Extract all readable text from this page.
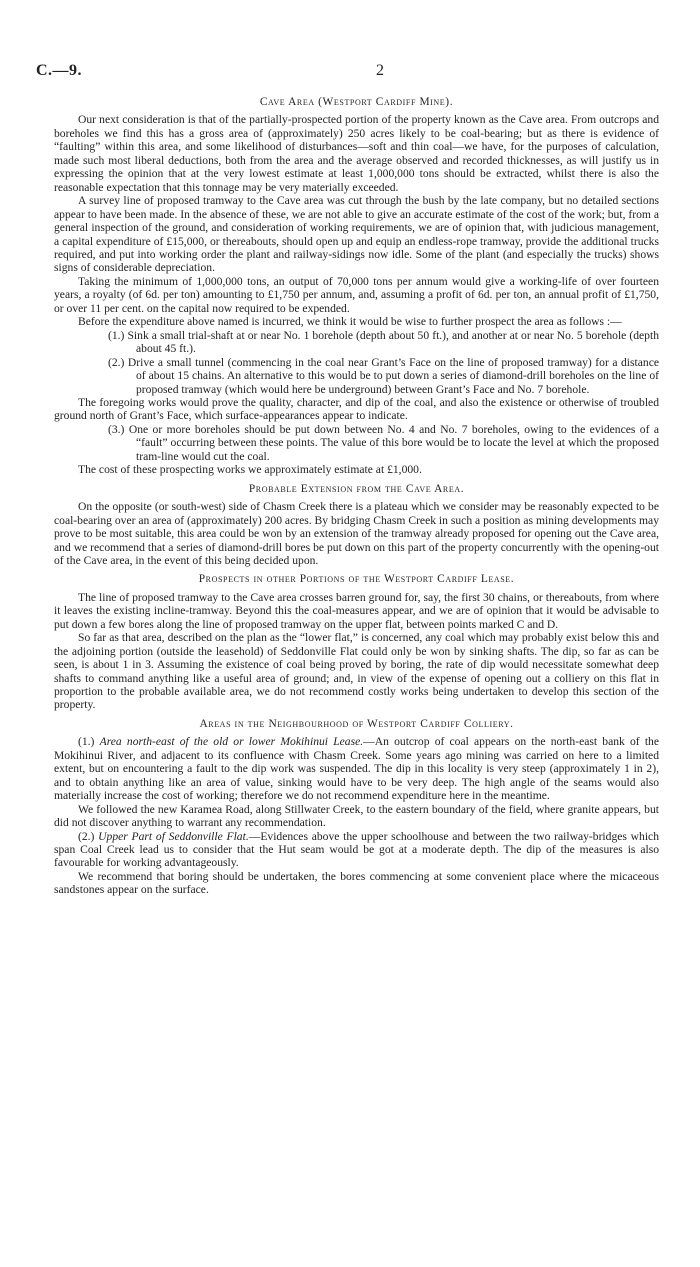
C.—9.	2
Cave Area (Westport Cardiff Mine).

Our next consideration is that of the partially-prospected portion of the property known as the Cave area. From outcrops and boreholes we find this has a gross area of (approximately) 250 acres likely to be coal-bearing; but as there is evidence of “faulting” within this area, and some likelihood of disturbances—soft and thin coal—we have, for the purposes of calculation, made such most liberal deductions, both from the area and the average observed and recorded thicknesses, as will justify us in expressing the opinion that at the very lowest estimate at least 1,000,000 tons should be extracted, whilst there is also the reasonable expectation that this tonnage may be very materially exceeded.

A survey line of proposed tramway to the Cave area was cut through the bush by the late company, but no detailed sections appear to have been made. In the absence of these, we are not able to give an accurate estimate of the cost of the work; but, from a general inspection of the ground, and consideration of working requirements, we are of opinion that, with judicious management, a capital expenditure of £15,000, or thereabouts, should open up and equip an endless-rope tramway, provide the additional trucks required, and put into working order the plant and railway-sidings now idle. Some of the plant (and especially the trucks) shows signs of considerable depreciation.

Taking the minimum of 1,000,000 tons, an output of 70,000 tons per annum would give a working-life of over fourteen years, a royalty (of 6d. per ton) amounting to £1,750 per annum, and, assuming a profit of 6d. per ton, an annual profit of £1,750, or over 11 per cent. on the capital now required to be expended.

Before the expenditure above named is incurred, we think it would be wise to further prospect the area as follows :—

(1.) Sink a small trial-shaft at or near No. 1 borehole (depth about 50 ft.), and another at or near No. 5 borehole (depth about 45 ft.).

(2.) Drive a small tunnel (commencing in the coal near Grant’s Face on the line of proposed tramway) for a distance of about 15 chains. An alternative to this would be to put down a series of diamond-drill boreholes on the line of proposed tramway (which would here be underground) between Grant’s Face and No. 7 borehole.

The foregoing works would prove the quality, character, and dip of the coal, and also the existence or otherwise of troubled ground north of Grant’s Face, which surface-appearances appear to indicate.

(3.) One or more boreholes should be put down between No. 4 and No. 7 boreholes, owing to the evidences of a “fault” occurring between these points. The value of this bore would be to locate the level at which the proposed tram-line would cut the coal.

The cost of these prospecting works we approximately estimate at £1,000.

Probable Extension from the Cave Area.

On the opposite (or south-west) side of Chasm Creek there is a plateau which we consider may be reasonably expected to be coal-bearing over an area of (approximately) 200 acres. By bridging Chasm Creek in such a position as mining developments may prove to be most suitable, this area could be won by an extension of the tramway already proposed for opening out the Cave area, and we recommend that a series of diamond-drill bores be put down on this part of the property concurrently with the opening-out of the Cave area, in the event of this being decided upon.

Prospects in other Portions of the Westport Cardiff Lease.

The line of proposed tramway to the Cave area crosses barren ground for, say, the first 30 chains, or thereabouts, from where it leaves the existing incline-tramway. Beyond this the coal-measures appear, and we are of opinion that it would be advisable to put down a few bores along the line of proposed tramway on the upper flat, between points marked C and D.

So far as that area, described on the plan as the “lower flat,” is concerned, any coal which may probably exist below this and the adjoining portion (outside the leasehold) of Seddonville Flat could only be won by sinking shafts. The dip, so far as can be seen, is about 1 in 3. Assuming the existence of coal being proved by boring, the rate of dip would necessitate somewhat deep shafts to command anything like a useful area of ground; and, in view of the expense of opening out a colliery on this flat in proportion to the probable available area, we do not recommend costly works being undertaken to develop this section of the property.

Areas in the Neighbourhood of Westport Cardiff Colliery.

(1.) Area north-east of the old or lower Mokihinui Lease.—An outcrop of coal appears on the north-east bank of the Mokihinui River, and adjacent to its confluence with Chasm Creek. Some years ago mining was carried on here to a limited extent, but on encountering a fault to the dip work was suspended. The dip in this locality is very steep (approximately 1 in 2), and to obtain anything like an area of value, sinking would have to be very deep. The high angle of the seams would also materially increase the cost of working; therefore we do not recommend expenditure here in the meantime.

We followed the new Karamea Road, along Stillwater Creek, to the eastern boundary of the field, where granite appears, but did not discover anything to warrant any recommendation.

(2.) Upper Part of Seddonville Flat.—Evidences above the upper schoolhouse and between the two railway-bridges which span Coal Creek lead us to consider that the Hut seam would be got at a moderate depth. The dip of the measures is also favourable for working advantageously.

We recommend that boring should be undertaken, the bores commencing at some convenient place where the micaceous sandstones appear on the surface.
